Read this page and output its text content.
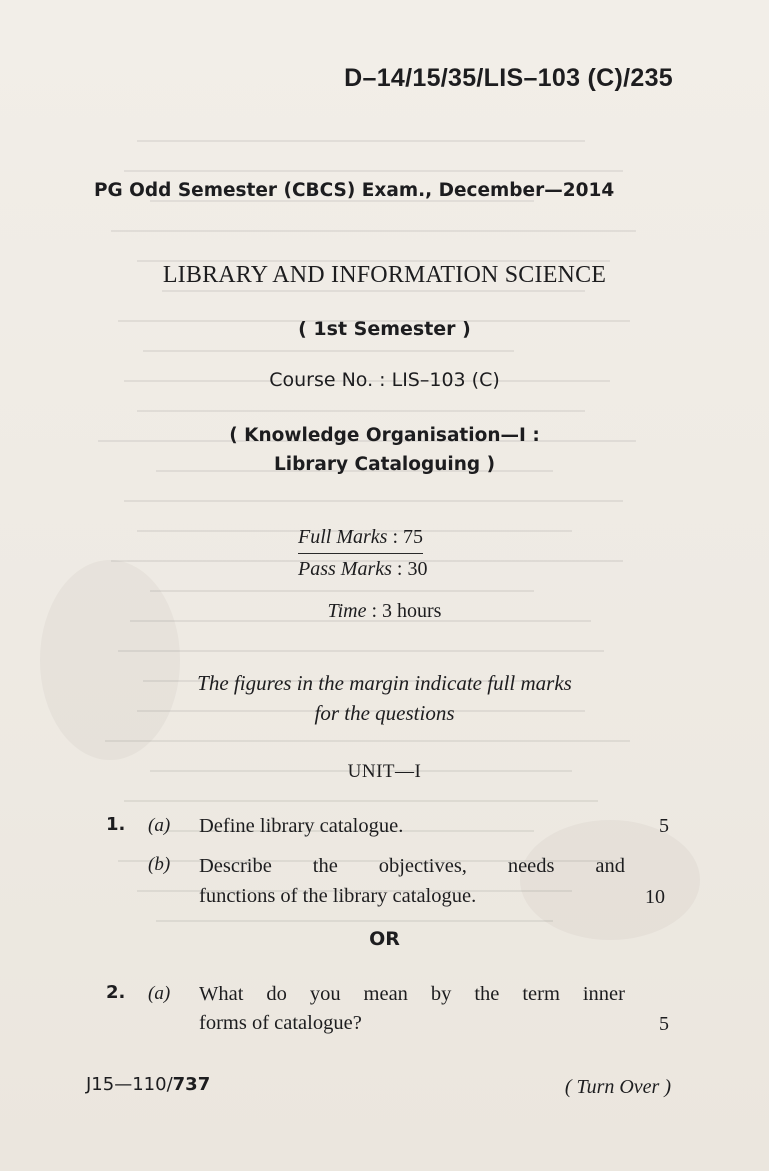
D–14/15/35/LIS–103 (C)/235
PG Odd Semester (CBCS) Exam., December—2014
LIBRARY AND INFORMATION SCIENCE
( 1st Semester )
Course No. : LIS–103 (C)
( Knowledge Organisation—I :
Library Cataloguing )
Full Marks : 75
Pass Marks : 30
Time : 3 hours
The figures in the margin indicate full marks
for the questions
UNIT—I
1. (a) Define library catalogue.	5
(b) Describe the objectives, needs and
functions of the library catalogue.	10
OR
2. (a) What do you mean by the term inner
forms of catalogue?	5
J15—110/737	( Turn Over )
